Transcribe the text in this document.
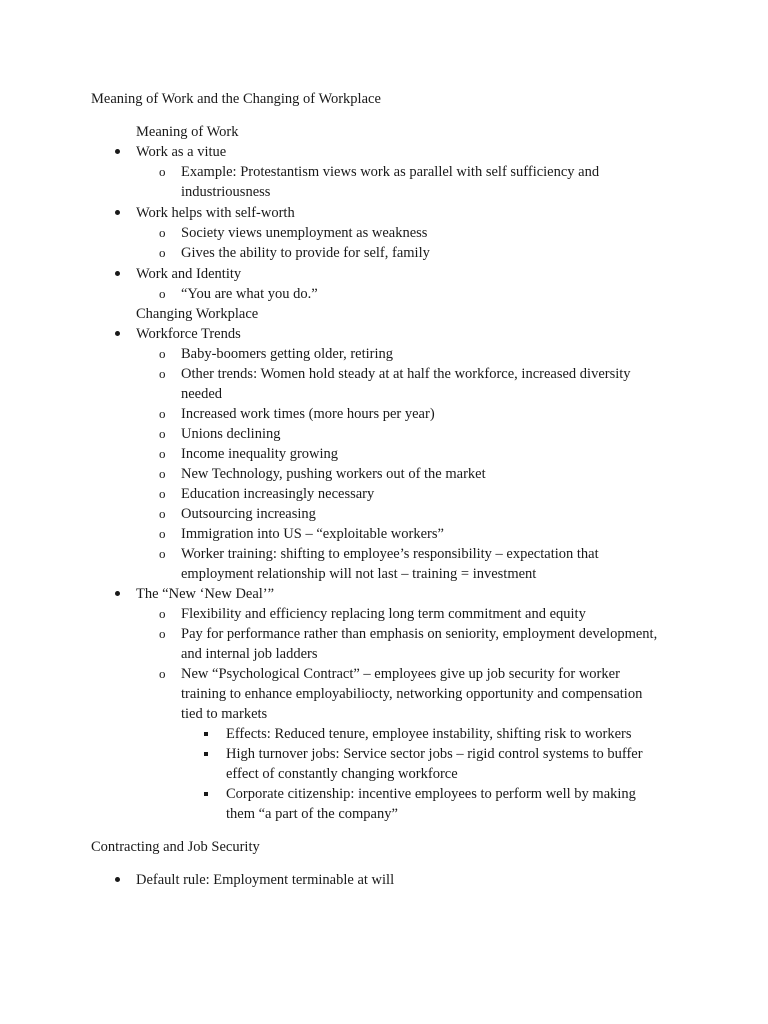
Meaning of Work and the Changing of Workplace
Meaning of Work
Work as a vitue
o Example: Protestantism views work as parallel with self sufficiency and
industriousness
Work helps with self-worth
o Society views unemployment as weakness
o Gives the ability to provide for self, family
Work and Identity
o “You are what you do.”
Changing Workplace
Workforce Trends
o Baby-boomers getting older, retiring
o Other trends: Women hold steady at at half the workforce, increased diversity
needed
o Increased work times (more hours per year)
o Unions declining
o Income inequality growing
o New Technology, pushing workers out of the market
o Education increasingly necessary
o Outsourcing increasing
o Immigration into US – “exploitable workers”
o Worker training: shifting to employee’s responsibility – expectation that
employment relationship will not last – training = investment
The “New ‘New Deal’”
o Flexibility and efficiency replacing long term commitment and equity
o Pay for performance rather than emphasis on seniority, employment development,
and internal job ladders
o New “Psychological Contract” – employees give up job security for worker
training to enhance employabiliocty, networking opportunity and compensation
tied to markets
Effects: Reduced tenure, employee instability, shifting risk to workers
High turnover jobs: Service sector jobs – rigid control systems to buffer
effect of constantly changing workforce
Corporate citizenship: incentive employees to perform well by making
them “a part of the company”
Contracting and Job Security
Default rule: Employment terminable at will
